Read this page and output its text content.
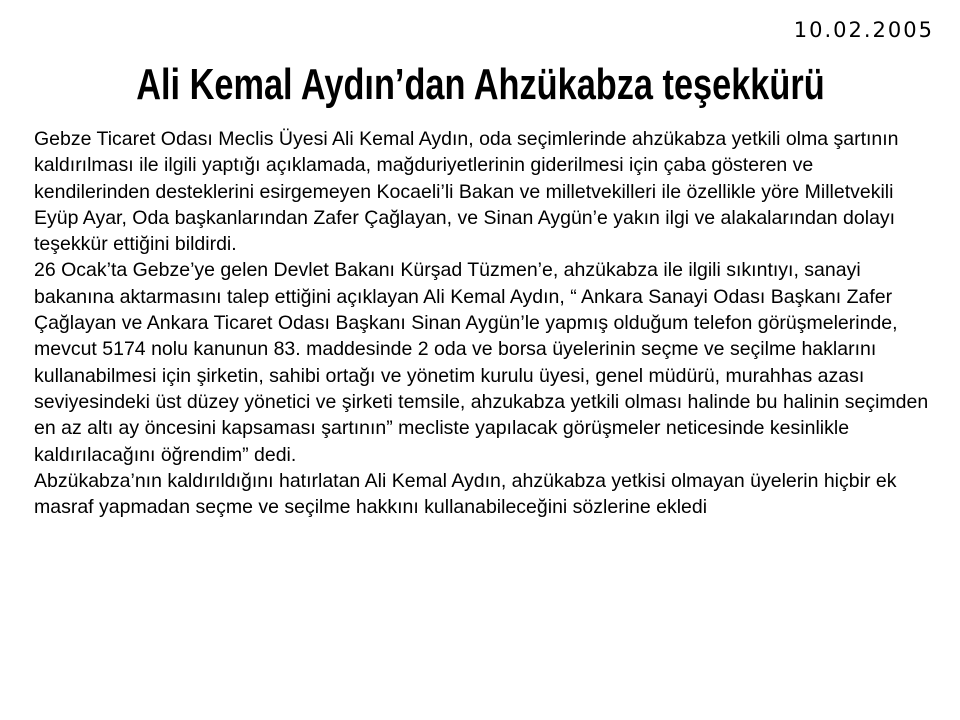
10.02.2005
Ali Kemal Aydın’dan Ahzükabza teşekkürü

Gebze Ticaret Odası Meclis Üyesi Ali Kemal Aydın, oda seçimlerinde ahzükabza yetkili olma şartının kaldırılması ile ilgili yaptığı açıklamada, mağduriyetlerinin giderilmesi için çaba gösteren ve kendilerinden desteklerini esirgemeyen Kocaeli’li Bakan ve milletvekilleri ile özellikle yöre Milletvekili Eyüp Ayar, Oda başkanlarından Zafer Çağlayan, ve Sinan Aygün’e yakın ilgi ve alakalarından dolayı teşekkür ettiğini bildirdi.

26 Ocak’ta Gebze’ye gelen Devlet Bakanı Kürşad Tüzmen’e, ahzükabza ile ilgili sıkıntıyı, sanayi bakanına aktarmasını talep ettiğini açıklayan Ali Kemal Aydın, “ Ankara Sanayi Odası Başkanı Zafer Çağlayan ve Ankara Ticaret Odası Başkanı Sinan Aygün’le yapmış olduğum telefon görüşmelerinde, mevcut 5174 nolu kanunun 83. maddesinde 2 oda ve borsa üyelerinin seçme ve seçilme haklarını kullanabilmesi için şirketin, sahibi ortağı ve yönetim kurulu üyesi, genel müdürü, murahhas azası seviyesindeki üst düzey yönetici ve şirketi temsile, ahzukabza yetkili olması halinde bu halinin seçimden en az altı ay öncesini kapsaması şartının” mecliste yapılacak görüşmeler neticesinde kesinlikle kaldırılacağını öğrendim” dedi.

Abzükabza’nın kaldırıldığını hatırlatan Ali Kemal Aydın, ahzükabza yetkisi olmayan üyelerin hiçbir ek masraf yapmadan seçme ve seçilme hakkını kullanabileceğini sözlerine ekledi
